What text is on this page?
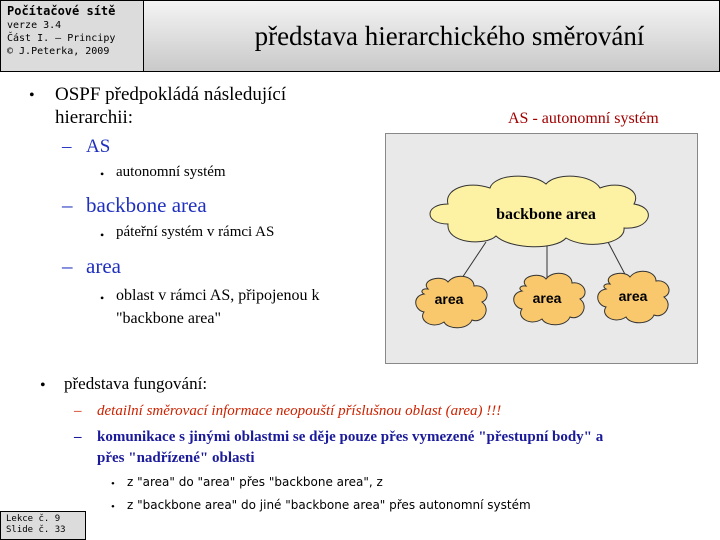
Počítačové sítě
verze 3.4
Část I. – Principy
© J.Peterka, 2009
představa hierarchického směrování
• OSPF předpokládá následující
hierarchii:
– AS
• autonomní systém
– backbone area
• páteřní systém v rámci AS
– area
• oblast v rámci AS, připojenou k
"backbone area"
AS - autonomní systém
backbone area
area	area	area
• představa fungování:
– detailní směrovací informace neopouští příslušnou oblast (area) !!!
– komunikace s jinými oblastmi se děje pouze přes vymezené "přestupní body" a
přes "nadřízené" oblasti
• z "area" do "area" přes "backbone area", z
• z "backbone area" do jiné "backbone area" přes autonomní systém
Lekce č. 9
Slide č. 33
